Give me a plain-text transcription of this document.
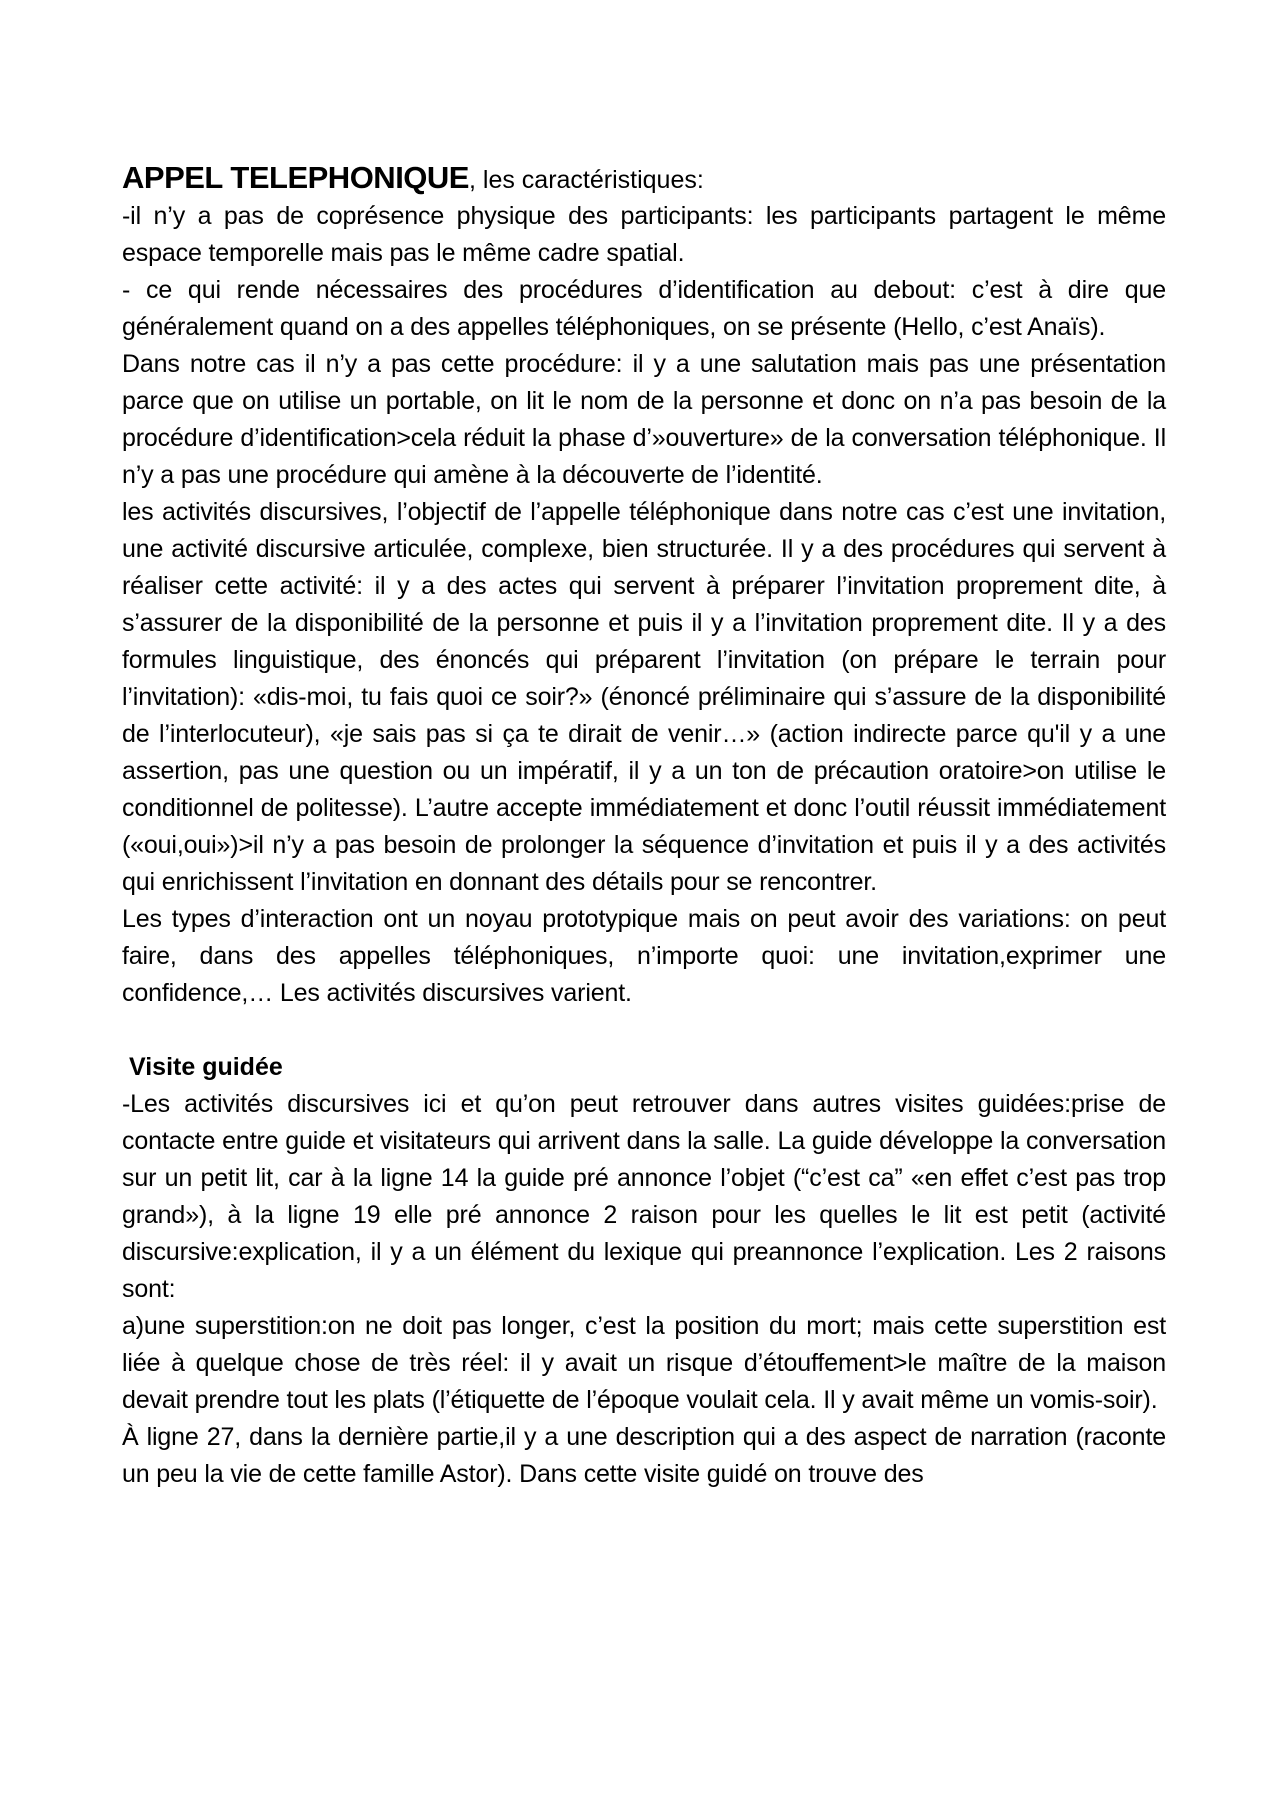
APPEL TELEPHONIQUE, les caractéristiques:

-il n’y a pas de coprésence physique des participants: les participants partagent le même espace temporelle mais pas le même cadre spatial.

- ce qui rende nécessaires des procédures d’identification au debout: c’est à dire que généralement quand on a des appelles téléphoniques, on se présente (Hello, c’est Anaïs).

Dans notre cas il n’y a pas cette procédure: il y a une salutation mais pas une présentation parce que on utilise un portable, on lit le nom de la personne et donc on n’a pas besoin de la procédure d’identification>cela réduit la phase d’»ouverture» de la conversation téléphonique. Il n’y a pas une procédure qui amène à la découverte de l’identité.

les activités discursives, l’objectif de l’appelle téléphonique dans notre cas c’est une invitation, une activité discursive articulée, complexe, bien structurée. Il y a des procédures qui servent à réaliser cette activité: il y a des actes qui servent à préparer l’invitation proprement dite, à s’assurer de la disponibilité de la personne et puis il y a l’invitation proprement dite. Il y a des formules linguistique, des énoncés qui préparent l’invitation (on prépare le terrain pour l’invitation): «dis-moi, tu fais quoi ce soir?» (énoncé préliminaire qui s’assure de la disponibilité de l’interlocuteur), «je sais pas si ça te dirait de venir…» (action indirecte parce qu'il y a une assertion, pas une question ou un impératif, il y a un ton de précaution oratoire>on utilise le conditionnel de politesse). L’autre accepte immédiatement et donc l’outil réussit immédiatement («oui,oui»)>il n’y a pas besoin de prolonger la séquence d’invitation et puis il y a des activités qui enrichissent l’invitation en donnant des détails pour se rencontrer.

Les types d’interaction ont un noyau prototypique mais on peut avoir des variations: on peut faire, dans des appelles téléphoniques, n’importe quoi: une invitation,exprimer une confidence,… Les activités discursives varient.

Visite guidée

-Les activités discursives ici et qu’on peut retrouver dans autres visites guidées:prise de contacte entre guide et visitateurs qui arrivent dans la salle. La guide développe la conversation sur un petit lit, car à la ligne 14 la guide pré annonce l’objet (“c’est ca” «en effet c’est pas trop grand»), à la ligne 19 elle pré annonce 2 raison pour les quelles le lit est petit (activité discursive:explication, il y a un élément du lexique qui preannonce l’explication. Les 2 raisons sont:

a)une superstition:on ne doit pas longer, c’est la position du mort; mais cette superstition est liée à quelque chose de très réel: il y avait un risque d’étouffement>le maître de la maison devait prendre tout les plats (l’étiquette de l’époque voulait cela. Il y avait même un vomis-soir).

À ligne 27, dans la dernière partie,il y a une description qui a des aspect de narration (raconte un peu la vie de cette famille Astor). Dans cette visite guidé on trouve des
